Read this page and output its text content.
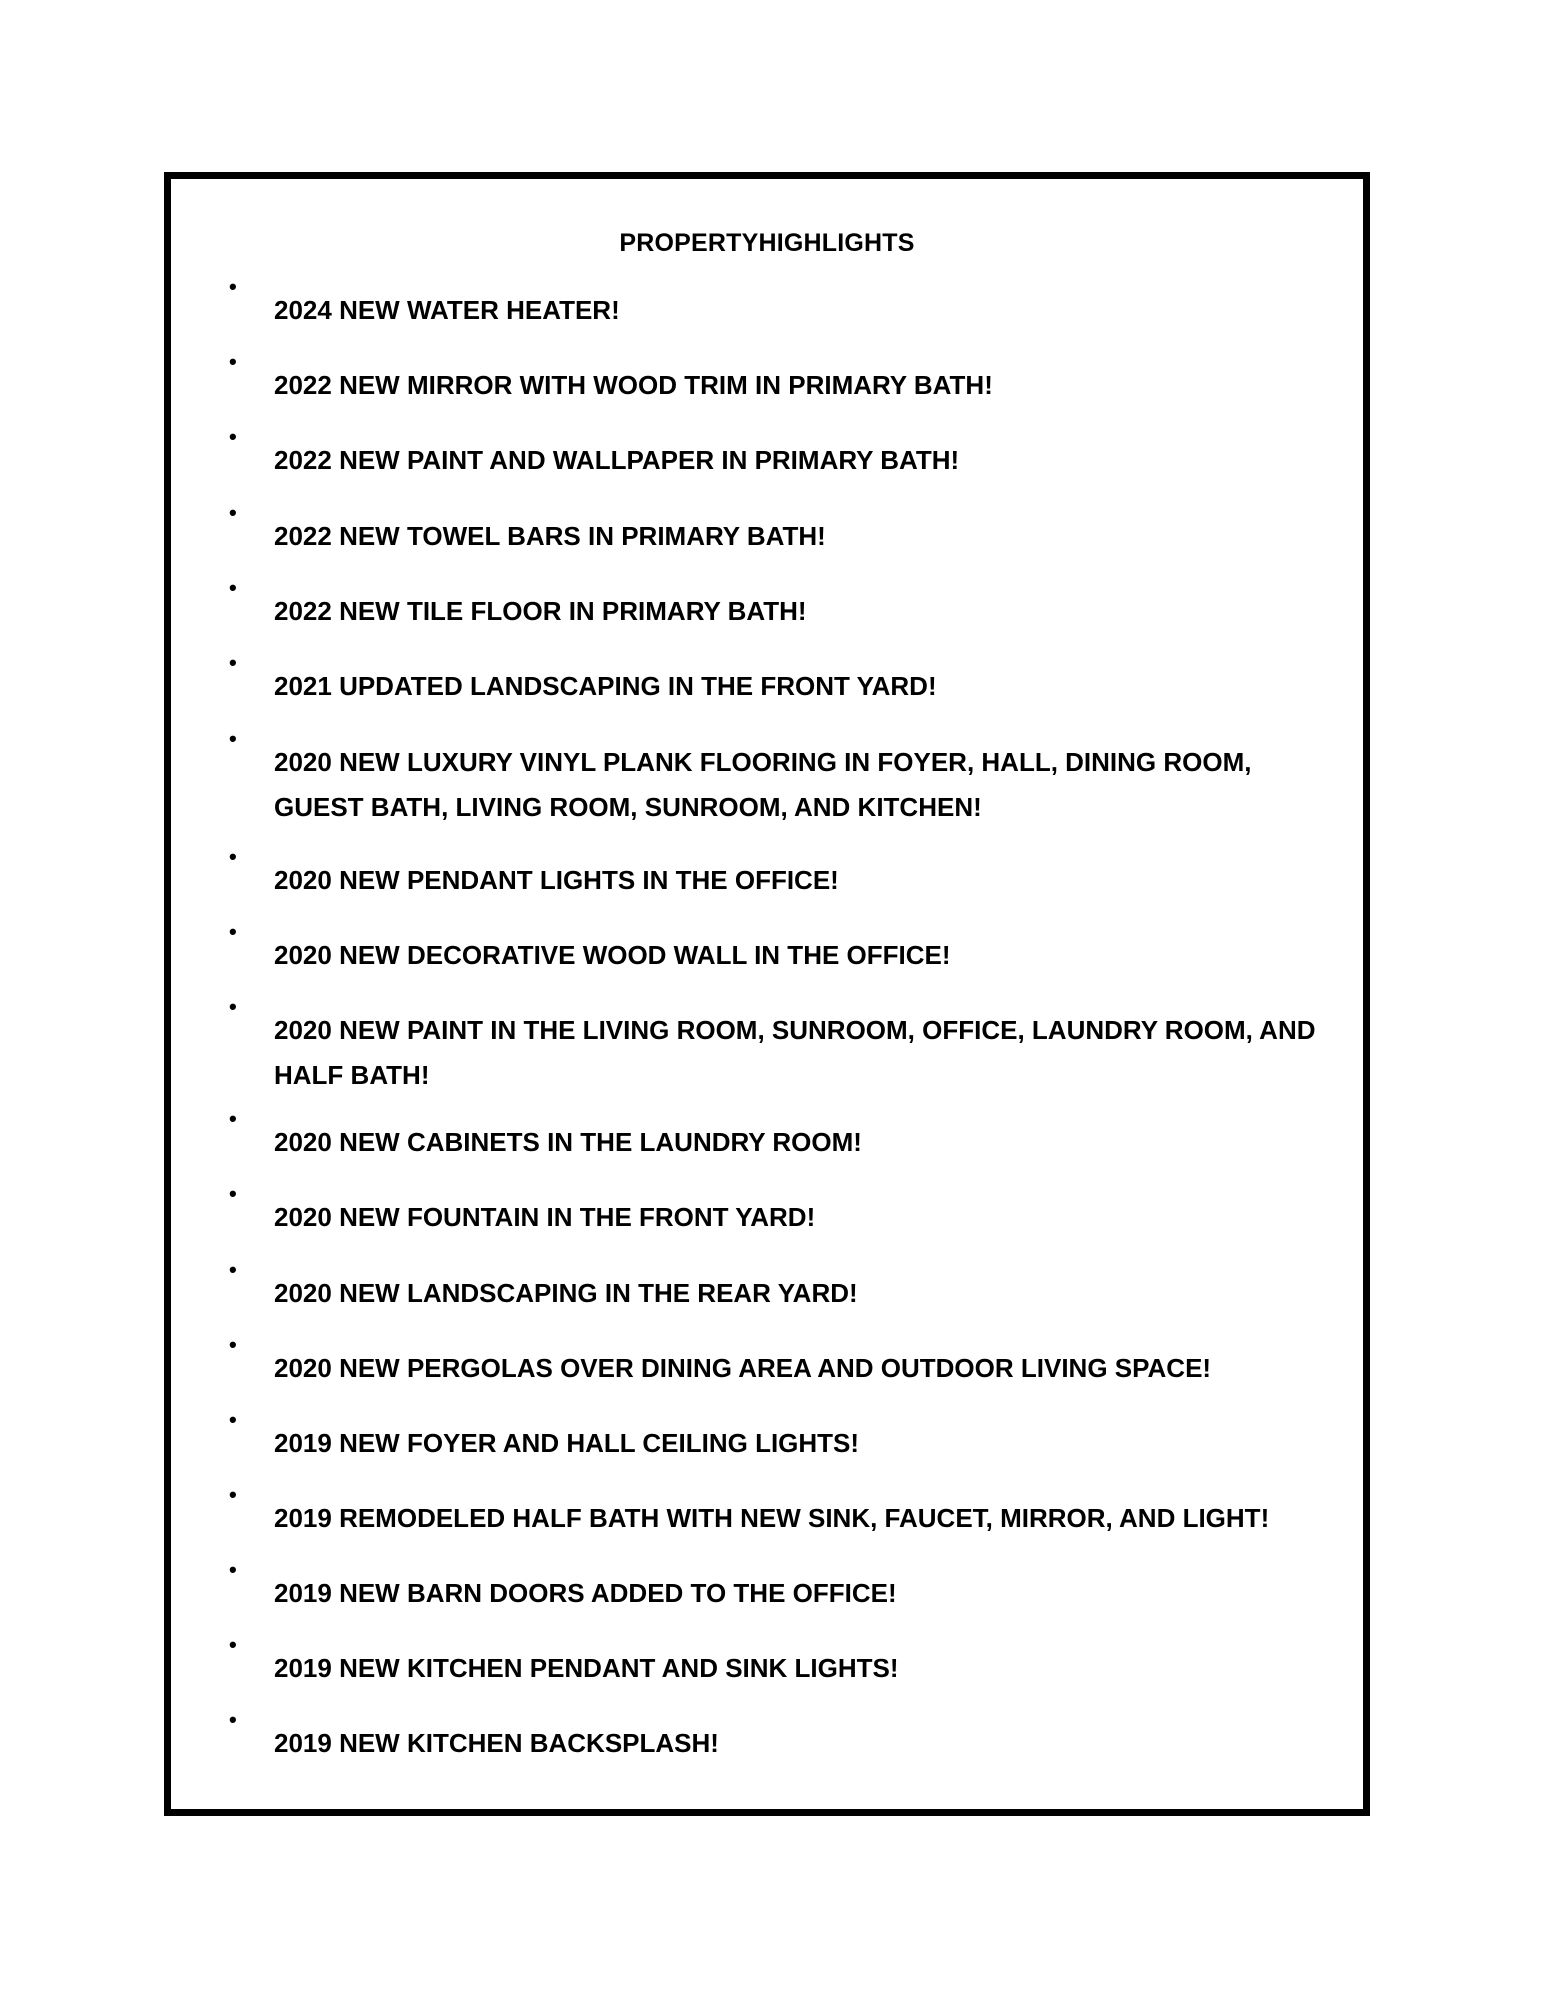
PROPERTYHIGHLIGHTS
•
2024 NEW WATER HEATER!
•
2022 NEW MIRROR WITH WOOD TRIM IN PRIMARY BATH!
•
2022 NEW PAINT AND WALLPAPER IN PRIMARY BATH!
•
2022 NEW TOWEL BARS IN PRIMARY BATH!
•
2022 NEW TILE FLOOR IN PRIMARY BATH!
•
2021 UPDATED LANDSCAPING IN THE FRONT YARD!
•
2020 NEW LUXURY VINYL PLANK FLOORING IN FOYER, HALL, DINING ROOM, GUEST BATH, LIVING ROOM, SUNROOM, AND KITCHEN!
•
2020 NEW PENDANT LIGHTS IN THE OFFICE!
•
2020 NEW DECORATIVE WOOD WALL IN THE OFFICE!
•
2020 NEW PAINT IN THE LIVING ROOM, SUNROOM, OFFICE, LAUNDRY ROOM, AND HALF BATH!
•
2020 NEW CABINETS IN THE LAUNDRY ROOM!
•
2020 NEW FOUNTAIN IN THE FRONT YARD!
•
2020 NEW LANDSCAPING IN THE REAR YARD!
•
2020 NEW PERGOLAS OVER DINING AREA AND OUTDOOR LIVING SPACE!
•
2019 NEW FOYER AND HALL CEILING LIGHTS!
•
2019 REMODELED HALF BATH WITH NEW SINK, FAUCET, MIRROR, AND LIGHT!
•
2019 NEW BARN DOORS ADDED TO THE OFFICE!
•
2019 NEW KITCHEN PENDANT AND SINK LIGHTS!
•
2019 NEW KITCHEN BACKSPLASH!
